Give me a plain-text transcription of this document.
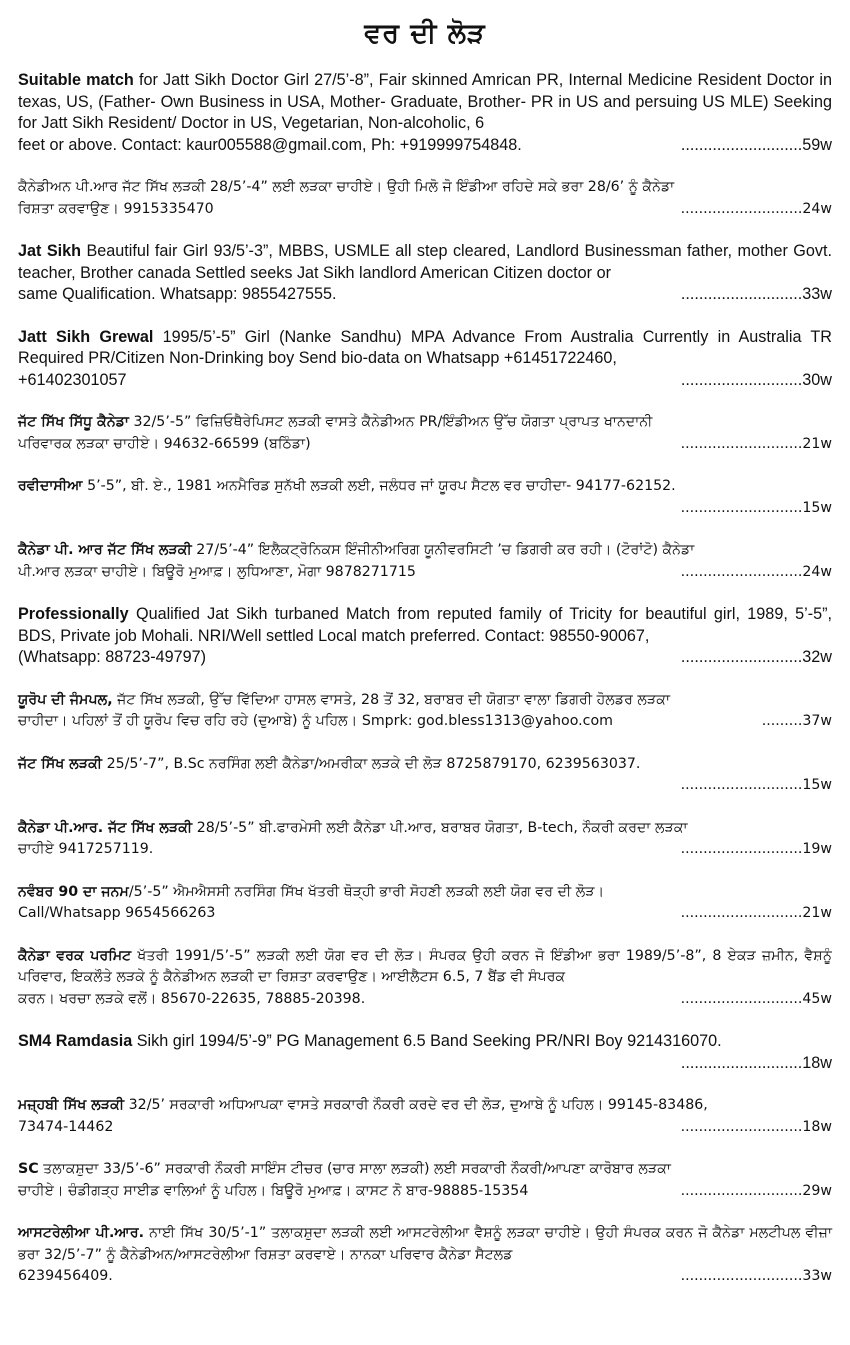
ਵਰ ਦੀ ਲੋੜ
Suitable match for Jatt Sikh Doctor Girl 27/5’-8”, Fair skinned Amrican PR, Internal Medicine Resident Doctor in texas, US, (Father- Own Business in USA, Mother- Graduate, Brother- PR in US and persuing US MLE) Seeking for Jatt Sikh Resident/ Doctor in US, Vegetarian, Non-alcoholic, 6
feet or above. Contact: kaur005588@gmail.com, Ph: +919999754848.	...........................59w
ਕੈਨੇਡੀਅਨ ਪੀ.ਆਰ ਜੱਟ ਸਿੱਖ ਲੜਕੀ 28/5’-4” ਲਈ ਲੜਕਾ ਚਾਹੀਏ। ਉਹੀ ਮਿਲੋ ਜੋ ਇੰਡੀਆ ਰਹਿਦੇ ਸਕੇ ਭਰਾ 28/6’ ਨੂੰ ਕੈਨੇਡਾ
ਰਿਸ਼ਤਾ ਕਰਵਾਉਣ। 9915335470	...........................24w
Jat Sikh Beautiful fair Girl 93/5’-3”, MBBS, USMLE all step cleared, Landlord Businessman father, mother Govt. teacher, Brother canada Settled seeks Jat Sikh landlord American Citizen doctor or
same Qualification. Whatsapp: 9855427555.	...........................33w
Jatt Sikh Grewal 1995/5’-5” Girl (Nanke Sandhu) MPA Advance From Australia Currently in Australia TR Required PR/Citizen Non-Drinking boy Send bio-data on Whatsapp +61451722460,
+61402301057	...........................30w
ਜੱਟ ਸਿੱਖ ਸਿੱਧੂ ਕੈਨੇਡਾ 32/5’-5” ਫਿਜ਼ਿਓਥੈਰੇਪਿਸਟ ਲੜਕੀ ਵਾਸਤੇ ਕੈਨੇਡੀਅਨ PR/ਇੰਡੀਅਨ ਉੱਚ ਯੋਗਤਾ ਪ੍ਰਾਪਤ ਖਾਨਦਾਨੀ
ਪਰਿਵਾਰਕ ਲੜਕਾ ਚਾਹੀਏ। 94632-66599 (ਬਠਿੰਡਾ)	...........................21w
ਰਵੀਦਾਸੀਆ 5’-5”, ਬੀ. ਏ., 1981 ਅਨਮੈਰਿਡ ਸੁਨੱਖੀ ਲੜਕੀ ਲਈ, ਜਲੰਧਰ ਜਾਂ ਯੂਰਪ ਸੈਟਲ ਵਰ ਚਾਹੀਦਾ- 94177-62152.
...........................15w
ਕੈਨੇਡਾ ਪੀ. ਆਰ ਜੱਟ ਸਿੱਖ ਲੜਕੀ 27/5’-4” ਇਲੈਕਟ੍ਰੋਨਿਕਸ ਇੰਜੀਨੀਅਰਿਗ ਯੂਨੀਵਰਸਿਟੀ ’ਚ ਡਿਗਰੀ ਕਰ ਰਹੀ। (ਟੋਰਾਂਟੋ) ਕੈਨੇਡਾ
ਪੀ.ਆਰ ਲੜਕਾ ਚਾਹੀਏ। ਬਿਊਰੋ ਮੁਆਫ਼। ਲੁਧਿਆਣਾ, ਮੋਗਾ 9878271715	...........................24w
Professionally Qualified Jat Sikh turbaned Match from reputed family of Tricity for beautiful girl, 1989, 5’-5”, BDS, Private job Mohali. NRI/Well settled Local match preferred. Contact: 98550-90067,
(Whatsapp: 88723-49797)	...........................32w
ਯੂਰੋਪ ਦੀ ਜੰਮਪਲ, ਜੱਟ ਸਿੱਖ ਲੜਕੀ, ਉੱਚ ਵਿੱਦਿਆ ਹਾਸਲ ਵਾਸਤੇ, 28 ਤੋਂ 32, ਬਰਾਬਰ ਦੀ ਯੋਗਤਾ ਵਾਲਾ ਡਿਗਰੀ ਹੋਲਡਰ ਲੜਕਾ
ਚਾਹੀਦਾ। ਪਹਿਲਾਂ ਤੋਂ ਹੀ ਯੂਰੋਪ ਵਿਚ ਰਹਿ ਰਹੇ (ਦੁਆਬੇ) ਨੂੰ ਪਹਿਲ। Smprk: god.bless1313@yahoo.com	.........37w
ਜੱਟ ਸਿੱਖ ਲੜਕੀ 25/5’-7”, B.Sc ਨਰਸਿੰਗ ਲਈ ਕੈਨੇਡਾ/ਅਮਰੀਕਾ ਲੜਕੇ ਦੀ ਲੋੜ 8725879170, 6239563037.
...........................15w
ਕੈਨੇਡਾ ਪੀ.ਆਰ. ਜੱਟ ਸਿੱਖ ਲੜਕੀ 28/5’-5” ਬੀ.ਫਾਰਮੇਸੀ ਲਈ ਕੈਨੇਡਾ ਪੀ.ਆਰ, ਬਰਾਬਰ ਯੋਗਤਾ, B-tech, ਨੌਕਰੀ ਕਰਦਾ ਲੜਕਾ
ਚਾਹੀਏ 9417257119.	...........................19w
ਨਵੰਬਰ 90 ਦਾ ਜਨਮ/5’-5” ਐਮਐਸਸੀ ਨਰਸਿੰਗ ਸਿੱਖ ਖੱਤਰੀ ਥੋੜ੍ਹੀ ਭਾਰੀ ਸੋਹਣੀ ਲੜਕੀ ਲਈ ਯੋਗ ਵਰ ਦੀ ਲੋੜ।
Call/Whatsapp 9654566263	...........................21w
ਕੈਨੇਡਾ ਵਰਕ ਪਰਮਿਟ ਖੱਤਰੀ 1991/5’-5” ਲੜਕੀ ਲਈ ਯੋਗ ਵਰ ਦੀ ਲੋੜ। ਸੰਪਰਕ ਉਹੀ ਕਰਨ ਜੋ ਇੰਡੀਆ ਭਰਾ 1989/5’-8”, 8 ਏਕੜ ਜ਼ਮੀਨ, ਵੈਸ਼ਨੂੰ ਪਰਿਵਾਰ, ਇਕਲੌਤੇ ਲੜਕੇ ਨੂੰ ਕੈਨੇਡੀਅਨ ਲੜਕੀ ਦਾ ਰਿਸ਼ਤਾ ਕਰਵਾਉਣ। ਆਈਲੈਟਸ 6.5, 7 ਬੈਂਡ ਵੀ ਸੰਪਰਕ
ਕਰਨ। ਖਰਚਾ ਲੜਕੇ ਵਲੋਂ। 85670-22635, 78885-20398.	...........................45w
SM4 Ramdasia Sikh girl 1994/5’-9” PG Management 6.5 Band Seeking PR/NRI Boy 9214316070.
...........................18w
ਮਜ਼੍ਹਬੀ ਸਿੱਖ ਲੜਕੀ 32/5’ ਸਰਕਾਰੀ ਅਧਿਆਪਕਾ ਵਾਸਤੇ ਸਰਕਾਰੀ ਨੌਕਰੀ ਕਰਦੇ ਵਰ ਦੀ ਲੋੜ, ਦੁਆਬੇ ਨੂੰ ਪਹਿਲ। 99145-83486,
73474-14462	...........................18w
SC ਤਲਾਕਸ਼ੁਦਾ 33/5’-6” ਸਰਕਾਰੀ ਨੌਕਰੀ ਸਾਇੰਸ ਟੀਚਰ (ਚਾਰ ਸਾਲਾ ਲੜਕੀ) ਲਈ ਸਰਕਾਰੀ ਨੌਕਰੀ/ਆਪਣਾ ਕਾਰੋਬਾਰ ਲੜਕਾ
ਚਾਹੀਏ। ਚੰਡੀਗੜ੍ਹ ਸਾਈਡ ਵਾਲਿਆਂ ਨੂੰ ਪਹਿਲ। ਬਿਊਰੋ ਮੁਆਫ਼। ਕਾਸਟ ਨੋ ਬਾਰ-98885-15354	...........................29w
ਆਸਟਰੇਲੀਆ ਪੀ.ਆਰ. ਨਾਈ ਸਿੱਖ 30/5’-1” ਤਲਾਕਸ਼ੁਦਾ ਲੜਕੀ ਲਈ ਆਸਟਰੇਲੀਆ ਵੈਸ਼ਨੂੰ ਲੜਕਾ ਚਾਹੀਏ। ਉਹੀ ਸੰਪਰਕ ਕਰਨ ਜੋ ਕੈਨੇਡਾ ਮਲਟੀਪਲ ਵੀਜ਼ਾ ਭਰਾ 32/5’-7” ਨੂੰ ਕੈਨੇਡੀਅਨ/ਆਸਟਰੇਲੀਆ ਰਿਸ਼ਤਾ ਕਰਵਾਏ। ਨਾਨਕਾ ਪਰਿਵਾਰ ਕੈਨੇਡਾ ਸੈਟਲਡ
6239456409.	...........................33w
